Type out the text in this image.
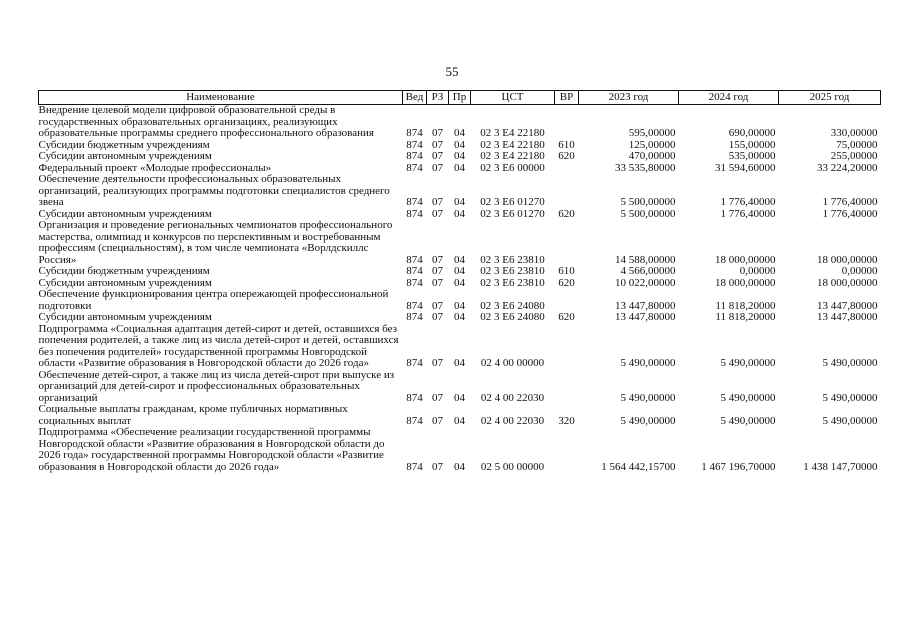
55
Наименование	Вед	РЗ	Пр	ЦСТ	ВР	2023 год	2024 год	2025 год
Внедрение целевой модели цифровой образовательной среды в государственных образовательных организациях, реализующих образовательные программы среднего профессионального образования	874	07	04	02 3 Е4 22180		595,00000	690,00000	330,00000
Субсидии бюджетным учреждениям	874	07	04	02 3 Е4 22180	610	125,00000	155,00000	75,00000
Субсидии автономным учреждениям	874	07	04	02 3 Е4 22180	620	470,00000	535,00000	255,00000
Федеральный проект «Молодые профессионалы»	874	07	04	02 3 Е6 00000		33 535,80000	31 594,60000	33 224,20000
Обеспечение деятельности профессиональных образовательных организаций, реализующих программы подготовки специалистов среднего звена	874	07	04	02 3 Е6 01270		5 500,00000	1 776,40000	1 776,40000
Субсидии автономным учреждениям	874	07	04	02 3 Е6 01270	620	5 500,00000	1 776,40000	1 776,40000
Организация и проведение региональных чемпионатов профессионального мастерства, олимпиад и конкурсов по перспективным и востребованным профессиям (специальностям), в том числе чемпионата «Ворлдскиллс Россия»	874	07	04	02 3 Е6 23810		14 588,00000	18 000,00000	18 000,00000
Субсидии бюджетным учреждениям	874	07	04	02 3 Е6 23810	610	4 566,00000	0,00000	0,00000
Субсидии автономным учреждениям	874	07	04	02 3 Е6 23810	620	10 022,00000	18 000,00000	18 000,00000
Обеспечение функционирования центра опережающей профессиональной подготовки	874	07	04	02 3 Е6 24080		13 447,80000	11 818,20000	13 447,80000
Субсидии автономным учреждениям	874	07	04	02 3 Е6 24080	620	13 447,80000	11 818,20000	13 447,80000
Подпрограмма «Социальная адаптация детей-сирот и детей, оставшихся без попечения родителей, а также лиц из числа детей-сирот и детей, оставшихся без попечения родителей» государственной программы Новгородской области «Развитие образования в Новгородской области до 2026 года»	874	07	04	02 4 00 00000		5 490,00000	5 490,00000	5 490,00000
Обеспечение детей-сирот, а также лиц из числа детей-сирот при выпуске из организаций для детей-сирот и профессиональных образовательных организаций	874	07	04	02 4 00 22030		5 490,00000	5 490,00000	5 490,00000
Социальные выплаты гражданам, кроме публичных нормативных социальных выплат	874	07	04	02 4 00 22030	320	5 490,00000	5 490,00000	5 490,00000
Подпрограмма «Обеспечение реализации государственной программы Новгородской области «Развитие образования в Новгородской области до 2026 года» государственной программы Новгородской области «Развитие образования в Новгородской области до 2026 года»	874	07	04	02 5 00 00000		1 564 442,15700	1 467 196,70000	1 438 147,70000
